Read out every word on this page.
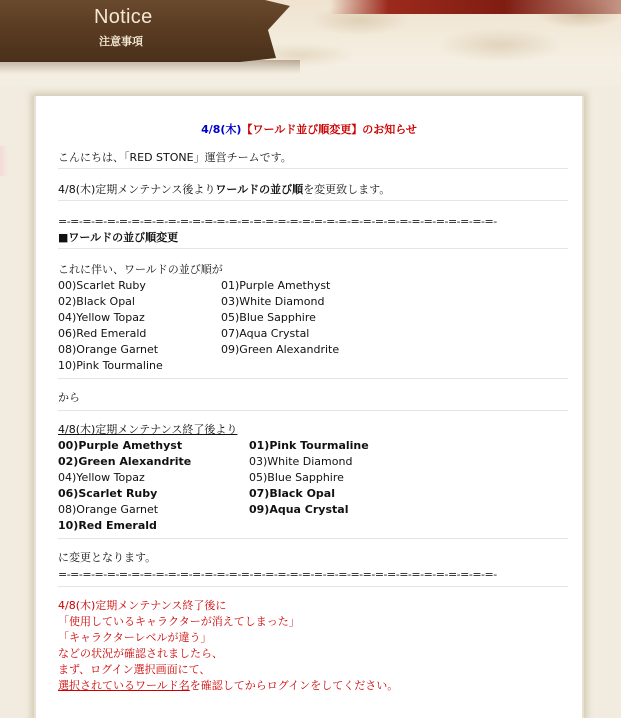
Notice
注意事項
4/8(木)【ワールド並び順変更】のお知らせ
こんにちは、「RED STONE」運営チームです。
4/8(木)定期メンテナンス後よりワールドの並び順を変更致します。
=-=-=-=-=-=-=-=-=-=-=-=-=-=-=-=-=-=-=-=-=-=-=-=-=-=-=-=-=-=-=-=-=-=-=-=-
■ワールドの並び順変更
これに伴い、ワールドの並び順が
00)Scarlet Ruby	01)Purple Amethyst
02)Black Opal	03)White Diamond
04)Yellow Topaz	05)Blue Sapphire
06)Red Emerald	07)Aqua Crystal
08)Orange Garnet	09)Green Alexandrite
10)Pink Tourmaline
から
4/8(木)定期メンテナンス終了後より
00)Purple Amethyst	01)Pink Tourmaline
02)Green Alexandrite	03)White Diamond
04)Yellow Topaz	05)Blue Sapphire
06)Scarlet Ruby	07)Black Opal
08)Orange Garnet	09)Aqua Crystal
10)Red Emerald
に変更となります。
=-=-=-=-=-=-=-=-=-=-=-=-=-=-=-=-=-=-=-=-=-=-=-=-=-=-=-=-=-=-=-=-=-=-=-=-
4/8(木)定期メンテナンス終了後に
「使用しているキャラクターが消えてしまった」
「キャラクターレベルが違う」
などの状況が確認されましたら、
まず、ログイン選択画面にて、
選択されているワールド名を確認してからログインをしてください。
